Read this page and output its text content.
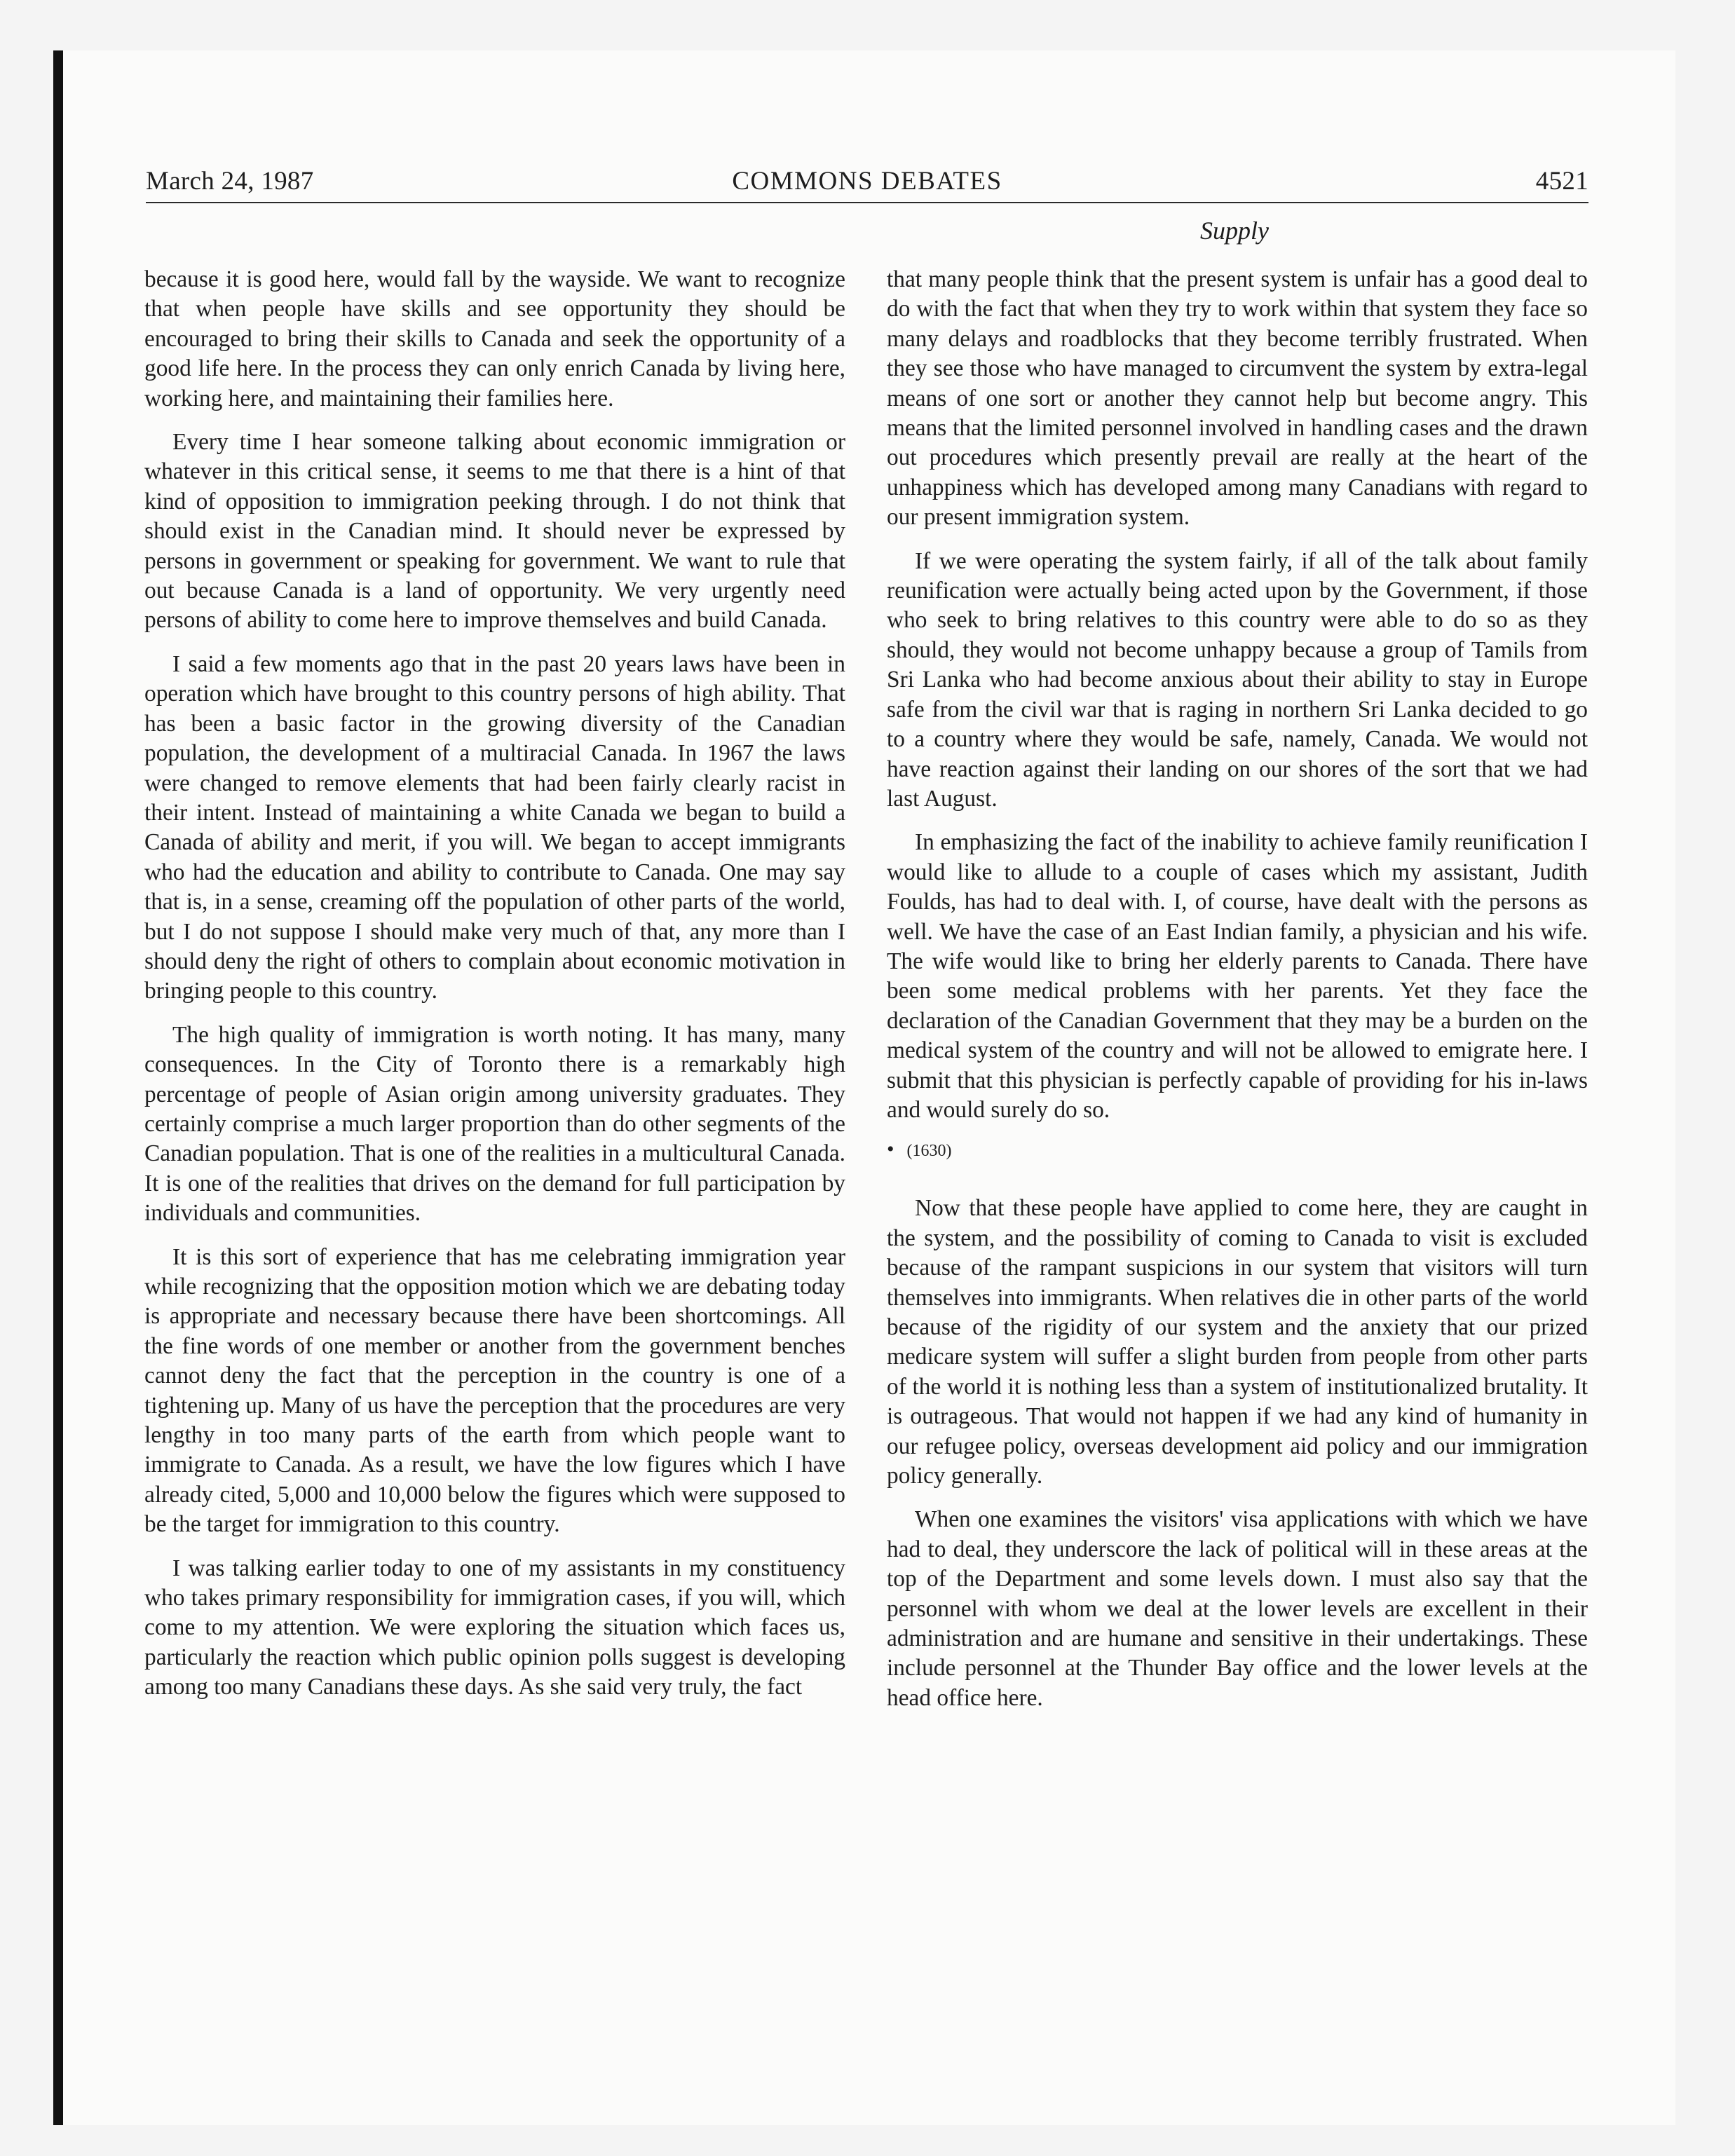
March 24, 1987	COMMONS DEBATES	4521
Supply

because it is good here, would fall by the wayside. We want to recognize that when people have skills and see opportunity they should be encouraged to bring their skills to Canada and seek the opportunity of a good life here. In the process they can only enrich Canada by living here, working here, and maintaining their families here.

Every time I hear someone talking about economic immigration or whatever in this critical sense, it seems to me that there is a hint of that kind of opposition to immigration peeking through. I do not think that should exist in the Canadian mind. It should never be expressed by persons in government or speaking for government. We want to rule that out because Canada is a land of opportunity. We very urgently need persons of ability to come here to improve themselves and build Canada.

I said a few moments ago that in the past 20 years laws have been in operation which have brought to this country persons of high ability. That has been a basic factor in the growing diversity of the Canadian population, the development of a multiracial Canada. In 1967 the laws were changed to remove elements that had been fairly clearly racist in their intent. Instead of maintaining a white Canada we began to build a Canada of ability and merit, if you will. We began to accept immigrants who had the education and ability to contribute to Canada. One may say that is, in a sense, creaming off the population of other parts of the world, but I do not suppose I should make very much of that, any more than I should deny the right of others to complain about economic motivation in bringing people to this country.

The high quality of immigration is worth noting. It has many, many consequences. In the City of Toronto there is a remarkably high percentage of people of Asian origin among university graduates. They certainly comprise a much larger proportion than do other segments of the Canadian population. That is one of the realities in a multicultural Canada. It is one of the realities that drives on the demand for full participation by individuals and communities.

It is this sort of experience that has me celebrating immigration year while recognizing that the opposition motion which we are debating today is appropriate and necessary because there have been shortcomings. All the fine words of one member or another from the government benches cannot deny the fact that the perception in the country is one of a tightening up. Many of us have the perception that the procedures are very lengthy in too many parts of the earth from which people want to immigrate to Canada. As a result, we have the low figures which I have already cited, 5,000 and 10,000 below the figures which were supposed to be the target for immigration to this country.

I was talking earlier today to one of my assistants in my constituency who takes primary responsibility for immigration cases, if you will, which come to my attention. We were exploring the situation which faces us, particularly the reaction which public opinion polls suggest is developing among too many Canadians these days. As she said very truly, the fact

that many people think that the present system is unfair has a good deal to do with the fact that when they try to work within that system they face so many delays and roadblocks that they become terribly frustrated. When they see those who have managed to circumvent the system by extra-legal means of one sort or another they cannot help but become angry. This means that the limited personnel involved in handling cases and the drawn out procedures which presently prevail are really at the heart of the unhappiness which has developed among many Canadians with regard to our present immigration system.

If we were operating the system fairly, if all of the talk about family reunification were actually being acted upon by the Government, if those who seek to bring relatives to this country were able to do so as they should, they would not become unhappy because a group of Tamils from Sri Lanka who had become anxious about their ability to stay in Europe safe from the civil war that is raging in northern Sri Lanka decided to go to a country where they would be safe, namely, Canada. We would not have reaction against their landing on our shores of the sort that we had last August.

In emphasizing the fact of the inability to achieve family reunification I would like to allude to a couple of cases which my assistant, Judith Foulds, has had to deal with. I, of course, have dealt with the persons as well. We have the case of an East Indian family, a physician and his wife. The wife would like to bring her elderly parents to Canada. There have been some medical problems with her parents. Yet they face the declaration of the Canadian Government that they may be a burden on the medical system of the country and will not be allowed to emigrate here. I submit that this physician is perfectly capable of providing for his in-laws and would surely do so.

• (1630)

Now that these people have applied to come here, they are caught in the system, and the possibility of coming to Canada to visit is excluded because of the rampant suspicions in our system that visitors will turn themselves into immigrants. When relatives die in other parts of the world because of the rigidity of our system and the anxiety that our prized medicare system will suffer a slight burden from people from other parts of the world it is nothing less than a system of institutionalized brutality. It is outrageous. That would not happen if we had any kind of humanity in our refugee policy, overseas development aid policy and our immigration policy generally.

When one examines the visitors' visa applications with which we have had to deal, they underscore the lack of political will in these areas at the top of the Department and some levels down. I must also say that the personnel with whom we deal at the lower levels are excellent in their administration and are humane and sensitive in their undertakings. These include personnel at the Thunder Bay office and the lower levels at the head office here.
